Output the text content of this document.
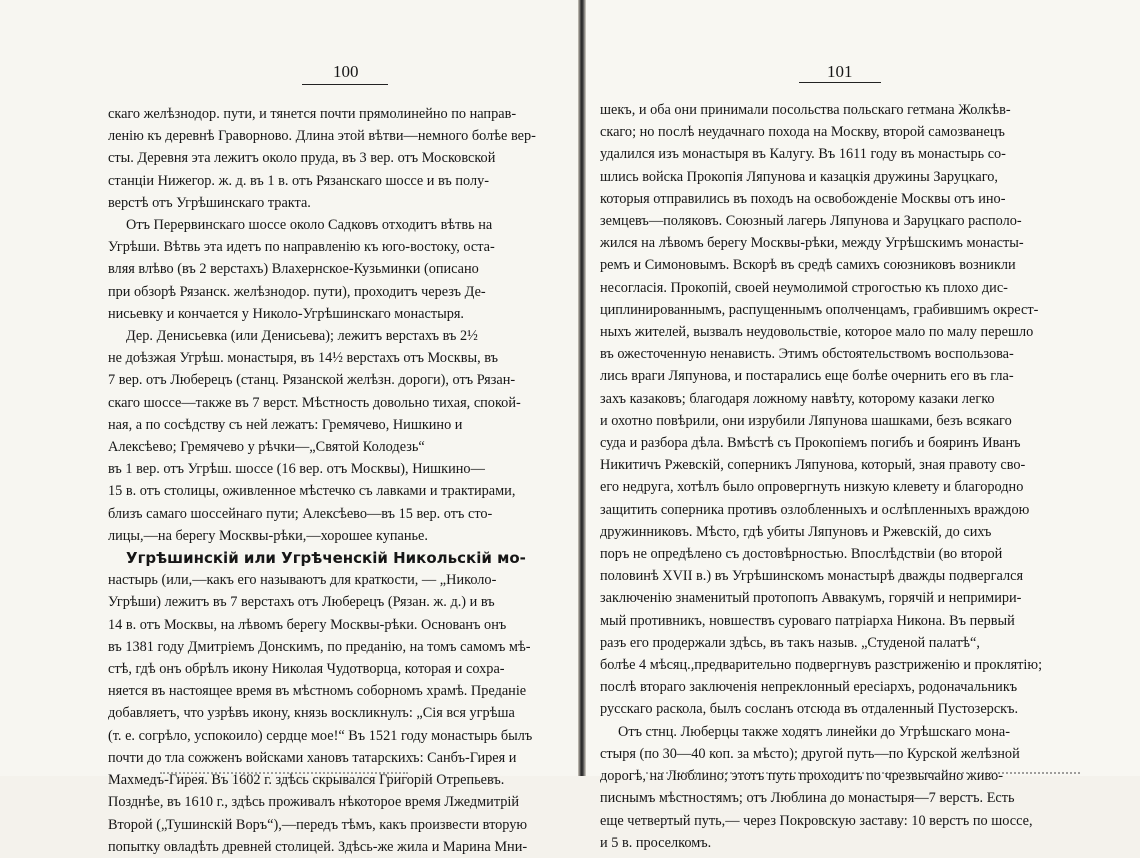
100
скаго желѣзнодор. пути, и тянется почти прямолинейно по направ-
ленію къ деревнѣ Граворново. Длина этой вѣтви—немного болѣе вер-
сты. Деревня эта лежитъ около пруда, въ 3 вер. отъ Московской
станціи Нижегор. ж. д. въ 1 в. отъ Рязанскаго шоссе и въ полу-
верстѣ отъ Угрѣшинскаго тракта.
Отъ Перервинскаго шоссе около Садковъ отходитъ вѣтвь на
Угрѣши. Вѣтвь эта идетъ по направленію къ юго-востоку, оста-
вляя влѣво (въ 2 верстахъ) Влахернское-Кузьминки (описано
при обзорѣ Рязанск. желѣзнодор. пути), проходитъ черезъ Де-
нисьевку и кончается у Николо-Угрѣшинскаго монастыря.
Дер. Денисьевка (или Денисьева); лежитъ верстахъ въ 2½
не доѣзжая Угрѣш. монастыря, въ 14½ верстахъ отъ Москвы, въ
7 вер. отъ Люберецъ (станц. Рязанской желѣзн. дороги), отъ Рязан-
скаго шоссе—также въ 7 верст. Мѣстность довольно тихая, спокой-
ная, а по сосѣдству съ ней лежатъ: Гремячево, Нишкино и
Алексѣево; Гремячево у рѣчки—„Святой Колодезь“
въ 1 вер. отъ Угрѣш. шоссе (16 вер. отъ Москвы), Нишкино—
15 в. отъ столицы, оживленное мѣстечко съ лавками и трактирами,
близъ самаго шоссейнаго пути; Алексѣево—въ 15 вер. отъ сто-
лицы,—на берегу Москвы-рѣки,—хорошее купанье.
Угрѣшинскій или Угрѣченскій Никольскій мо-
настырь (или,—какъ его называютъ для краткости, — „Николо-
Угрѣши) лежитъ въ 7 верстахъ отъ Люберецъ (Рязан. ж. д.) и въ
14 в. отъ Москвы, на лѣвомъ берегу Москвы-рѣки. Основанъ онъ
въ 1381 году Дмитріемъ Донскимъ, по преданію, на томъ самомъ мѣ-
стѣ, гдѣ онъ обрѣлъ икону Николая Чудотворца, которая и сохра-
няется въ настоящее время въ мѣстномъ соборномъ храмѣ. Преданіе
добавляетъ, что узрѣвъ икону, князь воскликнулъ: „Сія вся угрѣша
(т. е. согрѣло, успокоило) сердце мое!“ Въ 1521 году монастырь былъ
почти до тла сожженъ войсками хановъ татарскихъ: Санбъ-Гирея и
Махмедъ-Гирея. Въ 1602 г. здѣсь скрывался Григорій Отрепьевъ.
Позднѣе, въ 1610 г., здѣсь проживалъ нѣкоторое время Лжедмитрій
Второй („Тушинскій Воръ“),—передъ тѣмъ, какъ произвести вторую
попытку овладѣть древней столицей. Здѣсь-же жила и Марина Мни-
101
шекъ, и оба они принимали посольства польскаго гетмана Жолкѣв-
скаго; но послѣ неудачнаго похода на Москву, второй самозванецъ
удалился изъ монастыря въ Калугу. Въ 1611 году въ монастырь со-
шлись войска Прокопія Ляпунова и казацкія дружины Заруцкаго,
которыя отправились въ походъ на освобожденіе Москвы отъ ино-
земцевъ—поляковъ. Союзный лагерь Ляпунова и Заруцкаго располо-
жился на лѣвомъ берегу Москвы-рѣки, между Угрѣшскимъ монасты-
ремъ и Симоновымъ. Вскорѣ въ средѣ самихъ союзниковъ возникли
несогласія. Прокопій, своей неумолимой строгостью къ плохо дис-
циплинированнымъ, распущеннымъ ополченцамъ, грабившимъ окрест-
ныхъ жителей, вызвалъ неудовольствіе, которое мало по малу перешло
въ ожесточенную ненависть. Этимъ обстоятельствомъ воспользова-
лись враги Ляпунова, и постарались еще болѣе очернить его въ гла-
захъ казаковъ; благодаря ложному навѣту, которому казаки легко
и охотно повѣрили, они изрубили Ляпунова шашками, безъ всякаго
суда и разбора дѣла. Вмѣстѣ съ Прокопіемъ погибъ и бояринъ Иванъ
Никитичъ Ржевскій, соперникъ Ляпунова, который, зная правоту сво-
его недруга, хотѣлъ было опровергнуть низкую клевету и благородно
защитить соперника противъ озлобленныхъ и ослѣпленныхъ враждою
дружинниковъ. Мѣсто, гдѣ убиты Ляпуновъ и Ржевскій, до сихъ
поръ не опредѣлено съ достовѣрностью. Впослѣдствіи (во второй
половинѣ XVII в.) въ Угрѣшинскомъ монастырѣ дважды подвергался
заключенію знаменитый протопопъ Аввакумъ, горячій и непримири-
мый противникъ, новшествъ суроваго патріарха Никона. Въ первый
разъ его продержали здѣсь, въ такъ назыв. „Студеной палатѣ“,
болѣе 4 мѣсяц.,предварительно подвергнувъ разстриженію и проклятію;
послѣ втораго заключенія непреклонный ересіархъ, родоначальникъ
русскаго раскола, былъ сосланъ отсюда въ отдаленный Пустозерскъ.
Отъ стнц. Люберцы также ходятъ линейки до Угрѣшскаго мона-
стыря (по 30—40 коп. за мѣсто); другой путь—по Курской желѣзной
дорогѣ, на Люблино; этотъ путь проходитъ по чрезвычайно живо-
писнымъ мѣстностямъ; отъ Люблина до монастыря—7 верстъ. Есть
еще четвертый путь,— через Покровскую заставу: 10 верстъ по шоссе,
и 5 в. проселкомъ.
